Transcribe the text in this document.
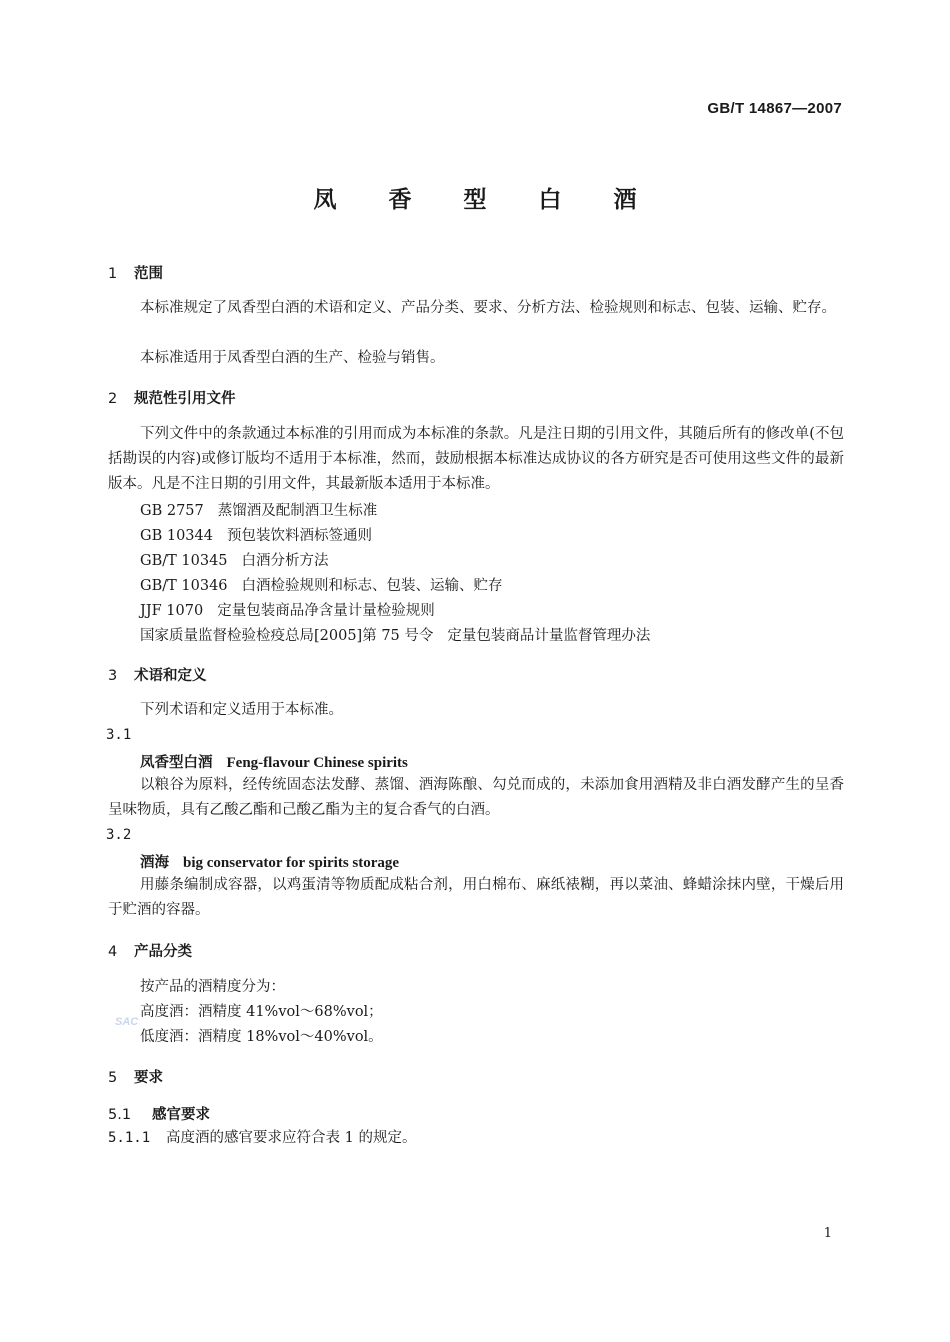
GB/T 14867—2007
凤 香 型 白 酒
1 范围
本标准规定了凤香型白酒的术语和定义、产品分类、要求、分析方法、检验规则和标志、包装、运输、贮存。
本标准适用于凤香型白酒的生产、检验与销售。
2 规范性引用文件
下列文件中的条款通过本标准的引用而成为本标准的条款。凡是注日期的引用文件，其随后所有的修改单(不包括勘误的内容)或修订版均不适用于本标准，然而，鼓励根据本标准达成协议的各方研究是否可使用这些文件的最新版本。凡是不注日期的引用文件，其最新版本适用于本标准。
GB 2757 蒸馏酒及配制酒卫生标准
GB 10344 预包装饮料酒标签通则
GB/T 10345 白酒分析方法
GB/T 10346 白酒检验规则和标志、包装、运输、贮存
JJF 1070 定量包装商品净含量计量检验规则
国家质量监督检验检疫总局[2005]第 75 号令 定量包装商品计量监督管理办法
3 术语和定义
下列术语和定义适用于本标准。
3.1
凤香型白酒 Feng-flavour Chinese spirits
以粮谷为原料，经传统固态法发酵、蒸馏、酒海陈酿、勾兑而成的，未添加食用酒精及非白酒发酵产生的呈香呈味物质，具有乙酸乙酯和己酸乙酯为主的复合香气的白酒。
3.2
酒海 big conservator for spirits storage
用藤条编制成容器，以鸡蛋清等物质配成粘合剂，用白棉布、麻纸裱糊，再以菜油、蜂蜡涂抹内壁，干燥后用于贮酒的容器。
4 产品分类
按产品的酒精度分为：
高度酒：酒精度 41%vol～68%vol；
低度酒：酒精度 18%vol～40%vol。
SAC
5 要求
5.1 感官要求
5.1.1 高度酒的感官要求应符合表 1 的规定。
1
